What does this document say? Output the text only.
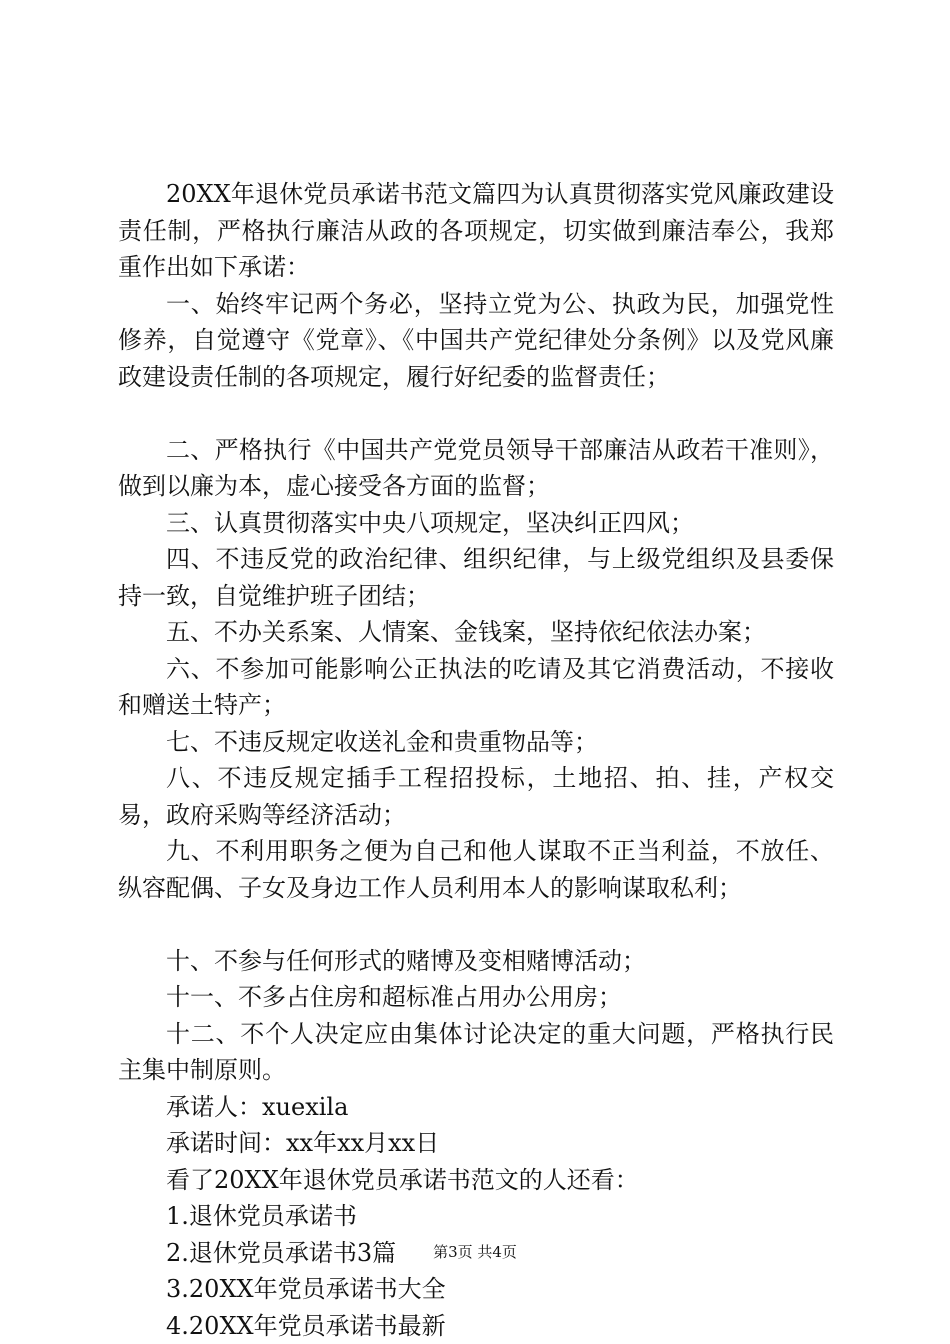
20XX年退休党员承诺书范文篇四为认真贯彻落实党风廉政建设责任制，严格执行廉洁从政的各项规定，切实做到廉洁奉公，我郑重作出如下承诺：

一、始终牢记两个务必，坚持立党为公、执政为民，加强党性修养，自觉遵守《党章》、《中国共产党纪律处分条例》以及党风廉政建设责任制的各项规定，履行好纪委的监督责任；

二、严格执行《中国共产党党员领导干部廉洁从政若干准则》，做到以廉为本，虚心接受各方面的监督；

三、认真贯彻落实中央八项规定，坚决纠正四风；

四、不违反党的政治纪律、组织纪律，与上级党组织及县委保持一致，自觉维护班子团结；

五、不办关系案、人情案、金钱案，坚持依纪依法办案；

六、不参加可能影响公正执法的吃请及其它消费活动，不接收和赠送土特产；

七、不违反规定收送礼金和贵重物品等；

八、不违反规定插手工程招投标，土地招、拍、挂，产权交易，政府采购等经济活动；

九、不利用职务之便为自己和他人谋取不正当利益，不放任、纵容配偶、子女及身边工作人员利用本人的影响谋取私利；

十、不参与任何形式的赌博及变相赌博活动；

十一、不多占住房和超标准占用办公用房；

十二、不个人决定应由集体讨论决定的重大问题，严格执行民主集中制原则。

承诺人：xuexila

承诺时间：xx年xx月xx日

看了20XX年退休党员承诺书范文的人还看：

1.退休党员承诺书

2.退休党员承诺书3篇

3.20XX年党员承诺书大全

4.20XX年党员承诺书最新

第3页 共4页
